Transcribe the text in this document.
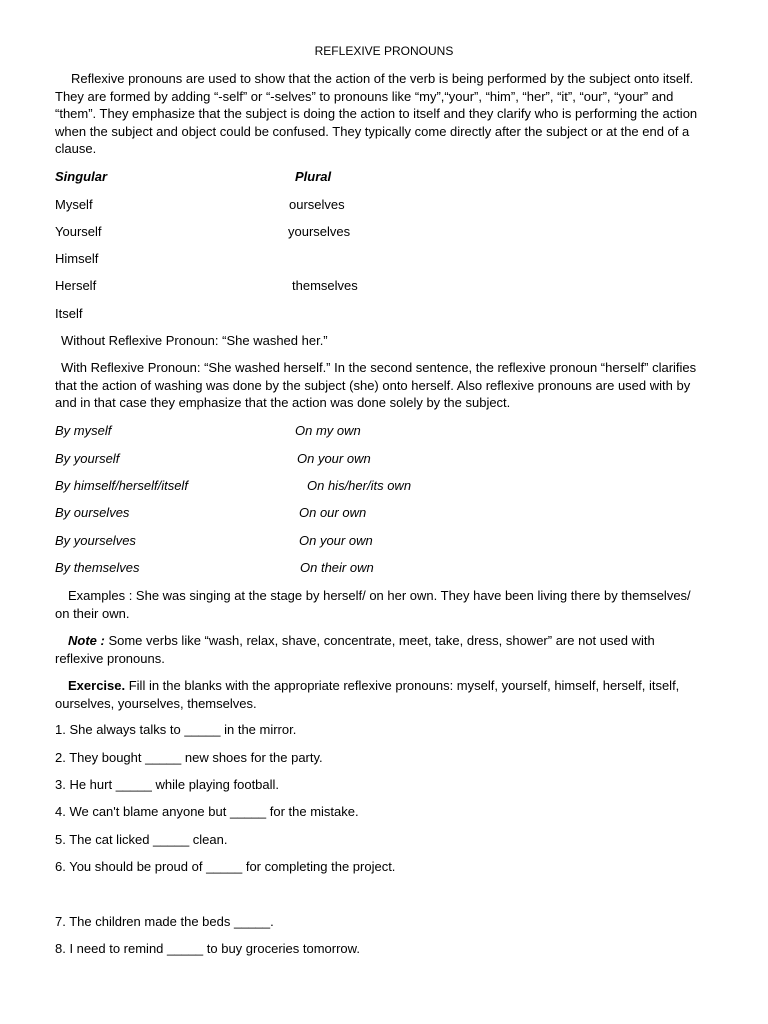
REFLEXIVE PRONOUNS

Reflexive pronouns are used to show that the action of the verb is being performed by the subject onto itself. They are formed by adding “-self” or “-selves” to pronouns like “my”,“your”, “him”, “her”, “it”, “our”, “your” and “them”. They emphasize that the subject is doing the action to itself and they clarify who is performing the action when the subject and object could be confused. They typically come directly after the subject or at the end of a clause.

Singular	Plural
Myself	ourselves
Yourself	yourselves
Himself
Herself	themselves
Itself

Without Reflexive Pronoun: “She washed her.”

With Reflexive Pronoun: “She washed herself.” In the second sentence, the reflexive pronoun “herself” clarifies that the action of washing was done by the subject (she) onto herself. Also reflexive pronouns are used with by and in that case they emphasize that the action was done solely by the subject.

By myself	On my own
By yourself	On your own
By himself/herself/itself	On his/her/its own
By ourselves	On our own
By yourselves	On your own
By themselves	On their own

Examples : She was singing at the stage by herself/ on her own. They have been living there by themselves/ on their own.

Note : Some verbs like “wash, relax, shave, concentrate, meet, take, dress, shower” are not used with reflexive pronouns.

Exercise. Fill in the blanks with the appropriate reflexive pronouns: myself, yourself, himself, herself, itself, ourselves, yourselves, themselves.

1. She always talks to _____ in the mirror.
2. They bought _____ new shoes for the party.
3. He hurt _____ while playing football.
4. We can't blame anyone but _____ for the mistake.
5. The cat licked _____ clean.
6. You should be proud of _____ for completing the project.
7. The children made the beds _____.
8. I need to remind _____ to buy groceries tomorrow.
